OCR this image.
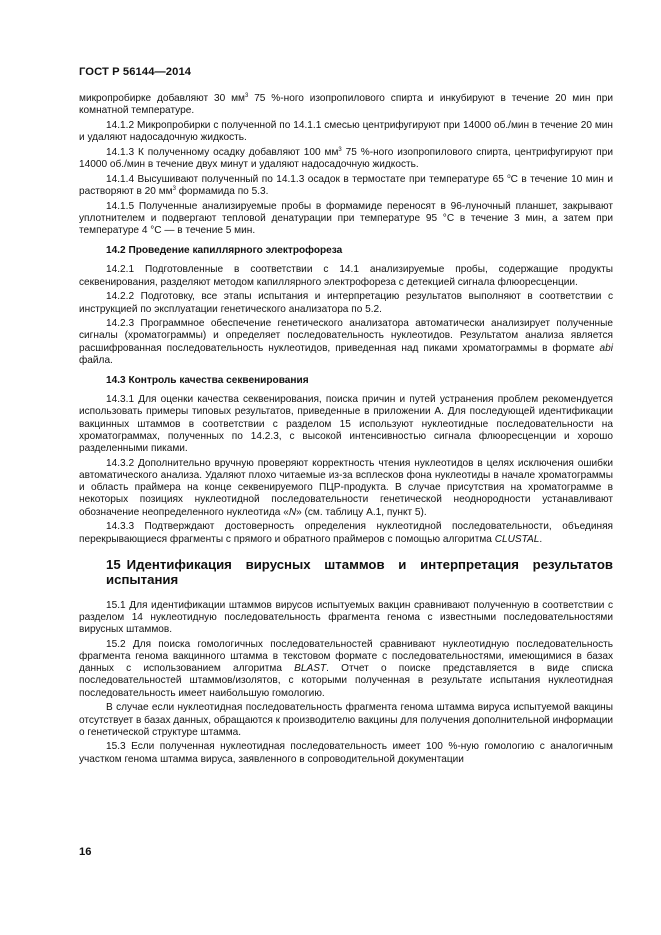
ГОСТ Р 56144—2014

микропробирке добавляют 30 $мм^3$ 75 %-ного изопропилового спирта и инкубируют в течение 20 мин при комнатной температуре.

14.1.2 Микропробирки с полученной по 14.1.1 смесью центрифугируют при 14000 об./мин в течение 20 мин и удаляют надосадочную жидкость.

14.1.3 К полученному осадку добавляют 100 $мм^3$ 75 %-ного изопропилового спирта, центрифугируют при 14000 об./мин в течение двух минут и удаляют надосадочную жидкость.

14.1.4 Высушивают полученный по 14.1.3 осадок в термостате при температуре 65 $^o$С в течение 10 мин и растворяют в 20 $мм^3$ формамида по 5.3.

14.1.5 Полученные анализируемые пробы в формамиде переносят в 96-луночный планшет, закрывают уплотнителем и подвергают тепловой денатурации при температуре 95 °С в течение 3 мин, а затем при температуре 4 °С — в течение 5 мин.

14.2 Проведение капиллярного электрофореза

14.2.1 Подготовленные в соответствии с 14.1 анализируемые пробы, содержащие продукты секвенирования, разделяют методом капиллярного электрофореза с детекцией сигнала флюоресценции.

14.2.2 Подготовку, все этапы испытания и интерпретацию результатов выполняют в соответствии с инструкцией по эксплуатации генетического анализатора по 5.2.

14.2.3 Программное обеспечение генетического анализатора автоматически анализирует полученные сигналы (хроматограммы) и определяет последовательность нуклеотидов. Результатом анализа является расшифрованная последовательность нуклеотидов, приведенная над пиками хроматограммы в формате abi файла.

14.3 Контроль качества секвенирования

14.3.1 Для оценки качества секвенирования, поиска причин и путей устранения проблем рекомендуется использовать примеры типовых результатов, приведенные в приложении А. Для последующей идентификации вакцинных штаммов в соответствии с разделом 15 используют нуклеотидные последовательности на хроматограммах, полученных по 14.2.3, с высокой интенсивностью сигнала флюоресценции и хорошо разделенными пиками.

14.3.2 Дополнительно вручную проверяют корректность чтения нуклеотидов в целях исключения ошибки автоматического анализа. Удаляют плохо читаемые из-за всплесков фона нуклеотиды в начале хроматограммы и область праймера на конце секвенируемого ПЦР-продукта. В случае присутствия на хроматограмме в некоторых позициях нуклеотидной последовательности генетической неоднородности устанавливают обозначение неопределенного нуклеотида «N» (см. таблицу А.1, пункт 5).

14.3.3 Подтверждают достоверность определения нуклеотидной последовательности, объединяя перекрывающиеся фрагменты с прямого и обратного праймеров с помощью алгоритма CLUSTAL.

15 Идентификация вирусных штаммов и интерпретация результатов испытания

15.1 Для идентификации штаммов вирусов испытуемых вакцин сравнивают полученную в соответствии с разделом 14 нуклеотидную последовательность фрагмента генома с известными последовательностями вирусных штаммов.

15.2 Для поиска гомологичных последовательностей сравнивают нуклеотидную последовательность фрагмента генома вакцинного штамма в текстовом формате с последовательностями, имеющимися в базах данных с использованием алгоритма BLAST. Отчет о поиске представляется в виде списка последовательностей штаммов/изолятов, с которыми полученная в результате испытания нуклеотидная последовательность имеет наибольшую гомологию.

В случае если нуклеотидная последовательность фрагмента генома штамма вируса испытуемой вакцины отсутствует в базах данных, обращаются к производителю вакцины для получения дополнительной информации о генетической структуре штамма.

15.3 Если полученная нуклеотидная последовательность имеет 100 %-ную гомологию с аналогичным участком генома штамма вируса, заявленного в сопроводительной документации

16
